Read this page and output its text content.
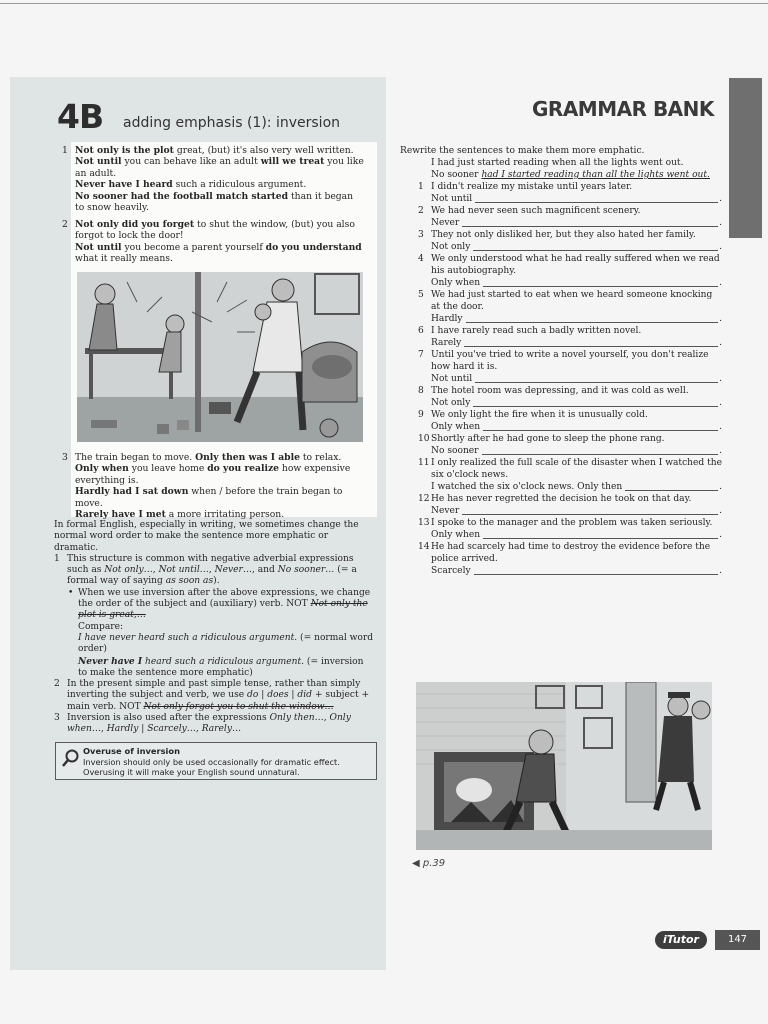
4B adding emphasis (1): inversion
GRAMMAR BANK
1 Not only is the plot great, (but) it's also very well written.

Not until you can behave like an adult will we treat you like an adult.

Never have I heard such a ridiculous argument.

No sooner had the football match started than it began to snow heavily.

2 Not only did you forget to shut the window, (but) you also forgot to lock the door!

Not until you become a parent yourself do you understand what it really means.

3 The train began to move. Only then was I able to relax.

Only when you leave home do you realize how expensive everything is.

Hardly had I sat down when / before the train began to move.

Rarely have I met a more irritating person.

In formal English, especially in writing, we sometimes change the normal word order to make the sentence more emphatic or dramatic.

1 This structure is common with negative adverbial expressions such as Not only…, Not until…, Never…, and No sooner… (= a formal way of saying as soon as).

• When we use inversion after the above expressions, we change the order of the subject and (auxiliary) verb. NOT Not only the plot is great,…

Compare:

I have never heard such a ridiculous argument. (= normal word order)

Never have I heard such a ridiculous argument. (= inversion to make the sentence more emphatic)

2 In the present simple and past simple tense, rather than simply inverting the subject and verb, we use do | does | did + subject + main verb. NOT Not only forgot you to shut the window…

3 Inversion is also used after the expressions Only then…, Only when…, Hardly | Scarcely…, Rarely…

Overuse of inversion
Inversion should only be used occasionally for dramatic effect. Overusing it will make your English sound unnatural.

Rewrite the sentences to make them more emphatic.

I had just started reading when all the lights went out.

No sooner had I started reading than all the lights went out.

1 I didn't realize my mistake until years later.
Not until	.
2 We had never seen such magnificent scenery.
Never	.
3 They not only disliked her, but they also hated her family.
Not only	.
4 We only understood what he had really suffered when we read his autobiography.
Only when	.
5 We had just started to eat when we heard someone knocking at the door.
Hardly	.
6 I have rarely read such a badly written novel.
Rarely	.
7 Until you've tried to write a novel yourself, you don't realize how hard it is.
Not until	.
8 The hotel room was depressing, and it was cold as well.
Not only	.
9 We only light the fire when it is unusually cold.
Only when	.
10 Shortly after he had gone to sleep the phone rang.
No sooner	.
11 I only realized the full scale of the disaster when I watched the six o'clock news.
I watched the six o'clock news. Only then	.
12 He has never regretted the decision he took on that day.
Never	.
13 I spoke to the manager and the problem was taken seriously.
Only when	.
14 He had scarcely had time to destroy the evidence before the police arrived.
Scarcely	.
◀ p.39
iTutor	147
